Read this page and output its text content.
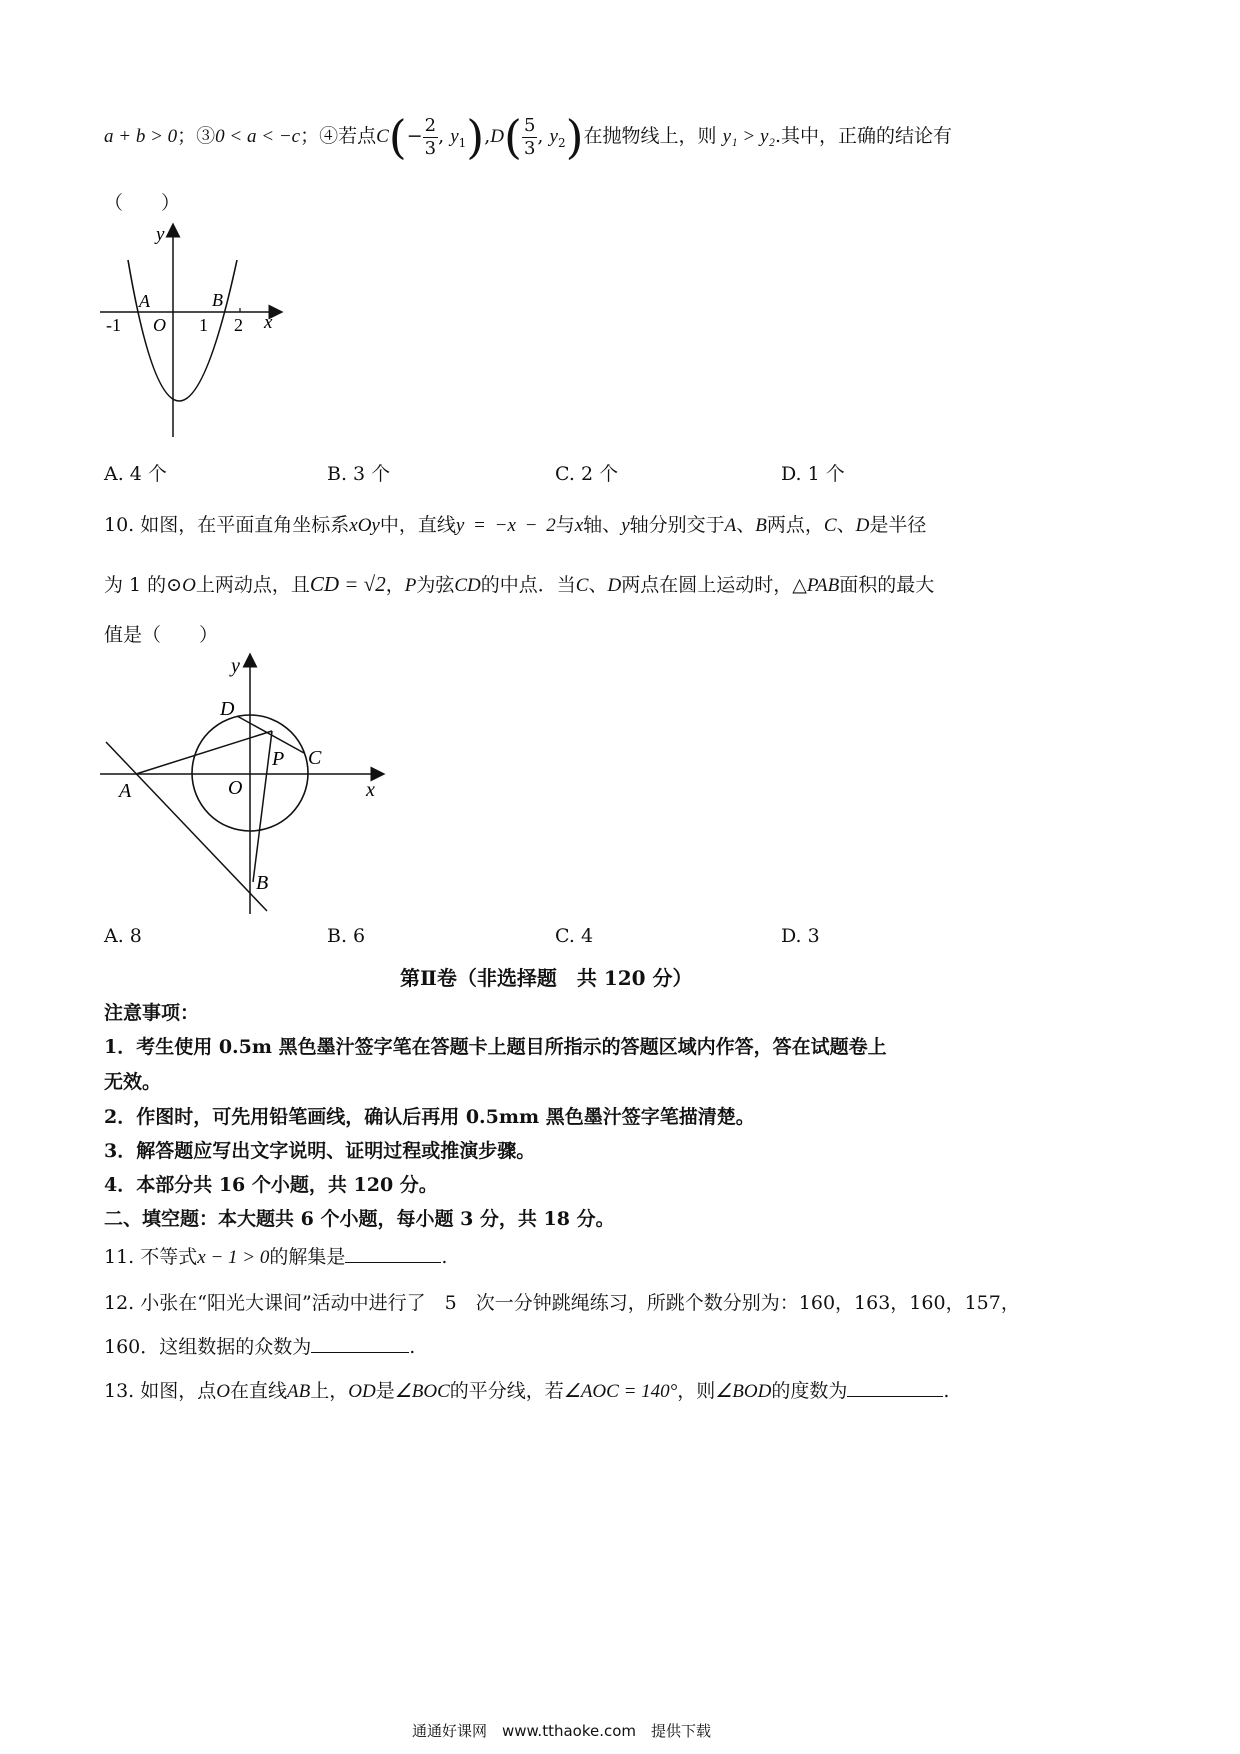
a + b > 0；③0 < a < −c；④若点$C(- \frac{2}{3}$ , $y_1),D( \frac{5}{3}$ , $y_2$)在抛物线上，则 y₁ > y₂.其中，正确的结论有
（　　）
y
x
A	B
O
-1	1 2
A. 4 个	B. 3 个	C. 2 个	D. 1 个
10. 如图，在平面直角坐标系xOy中，直线y = −x − 2与x轴、y轴分别交于A、B两点，C、D是半径
为 1 的⊙O上两动点，且CD = √2，P为弦CD的中点．当C、D两点在圆上运动时，△PAB面积的最大
值是（　　）
y
x
A
B
C
D
O
P
A. 8	B. 6	C. 4	D. 3
第Ⅱ卷（非选择题　共 120 分）
注意事项：
1．考生使用 0.5m 黑色墨汁签字笔在答题卡上题目所指示的答题区域内作答，答在试题卷上
无效。
2．作图时，可先用铅笔画线，确认后再用 0.5mm 黑色墨汁签字笔描清楚。
3．解答题应写出文字说明、证明过程或推演步骤。
4．本部分共 16 个小题，共 120 分。
二、填空题：本大题共 6 个小题，每小题 3 分，共 18 分。
11. 不等式x − 1 > 0的解集是	.
12. 小张在“阳光大课间”活动中进行了　5　次一分钟跳绳练习，所跳个数分别为：160，163，160，157，
160．这组数据的众数为	.
13. 如图，点O在直线AB上，OD是∠BOC的平分线，若∠AOC = 140°，则∠BOD的度数为	.
通通好课网　www.tthaoke.com　提供下载
